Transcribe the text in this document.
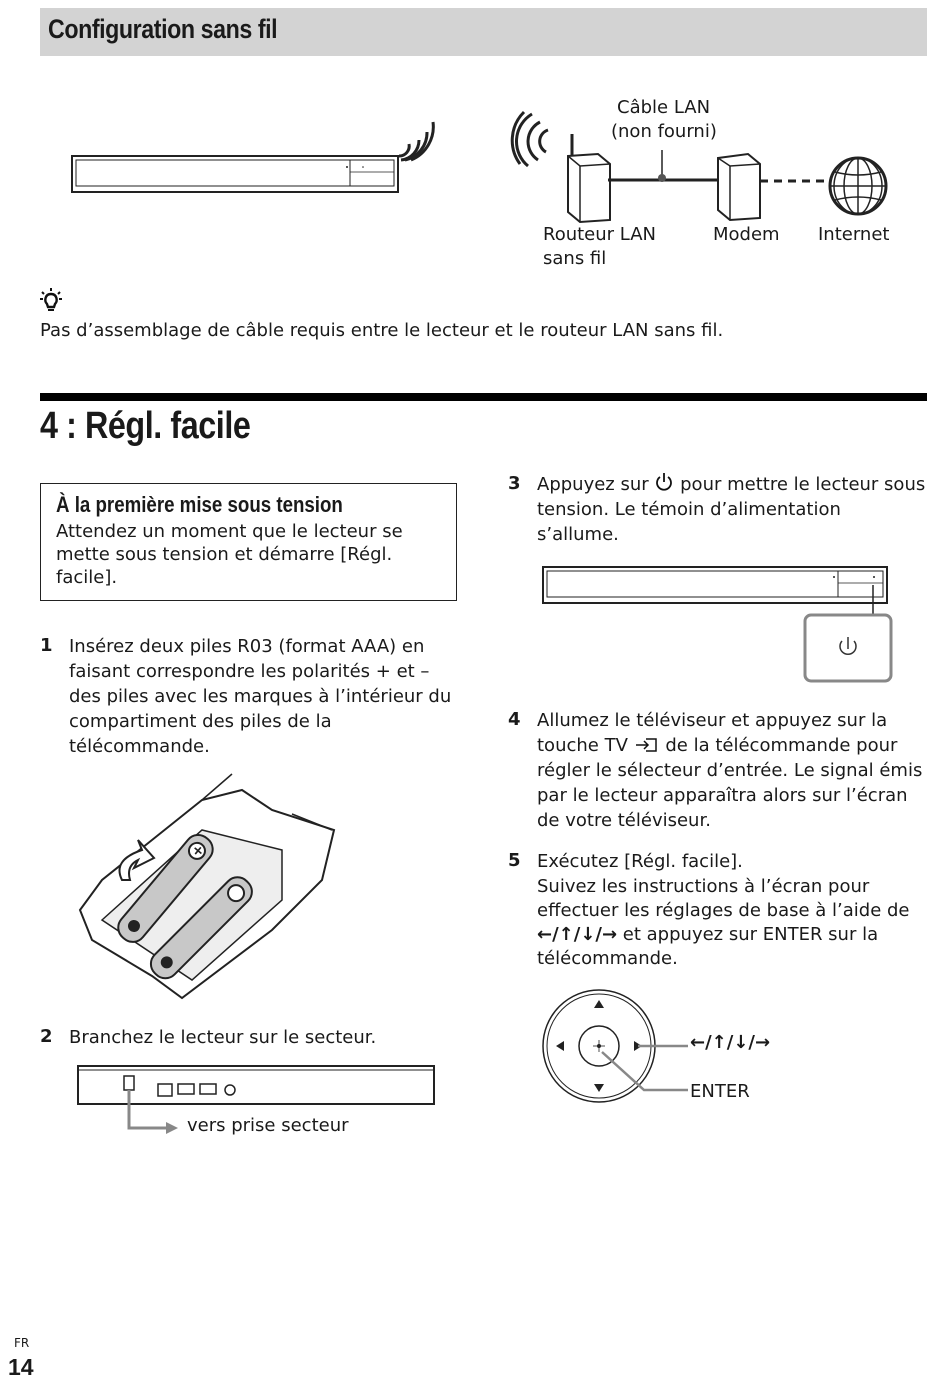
Configuration sans fil
Câble LAN
(non fourni)
Routeur LAN
sans fil
Modem Internet
Pas d’assemblage de câble requis entre le lecteur et le routeur LAN sans fil.
4 : Régl. facile
À la première mise sous tension
Attendez un moment que le lecteur se
mette sous tension et démarre [Régl.
facile].
1 Insérez deux piles R03 (format AAA) en
faisant correspondre les polarités + et –
des piles avec les marques à l’intérieur du
compartiment des piles de la
télécommande.
+
2 Branchez le lecteur sur le secteur.
vers prise secteur
3 Appuyez sur pour mettre le lecteur sous
tension. Le témoin d’alimentation
s’allume.
4 Allumez le téléviseur et appuyez sur la
touche TV de la télécommande pour
régler le sélecteur d’entrée. Le signal émis
par le lecteur apparaîtra alors sur l’écran
de votre téléviseur.
5 Exécutez [Régl. facile].
Suivez les instructions à l’écran pour
effectuer les réglages de base à l’aide de
←/↑/↓/→ et appuyez sur ENTER sur la
télécommande.
←/↑/↓/→
ENTER
FR
14
